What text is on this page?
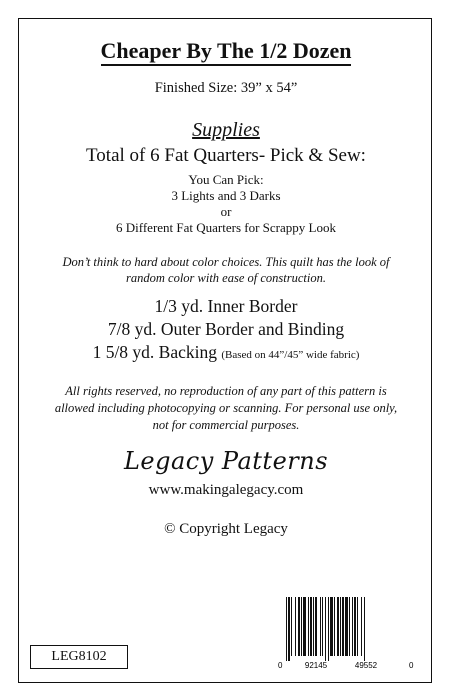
Cheaper By The 1/2 Dozen
Finished Size: 39” x 54”
Supplies
Total of 6 Fat Quarters- Pick & Sew:
You Can Pick:
3 Lights and 3 Darks
or
6 Different Fat Quarters for Scrappy Look
Don’t think to hard about color choices. This quilt has the look of
random color with ease of construction.
1/3 yd. Inner Border
7/8 yd. Outer Border and Binding
1 5/8 yd. Backing (Based on 44”/45” wide fabric)
All rights reserved, no reproduction of any part of this pattern is
allowed including photocopying or scanning. For personal use only,
not for commercial purposes.
Legacy Patterns
www.makingalegacy.com
© Copyright Legacy
LEG8102
0	92145	49552	0
